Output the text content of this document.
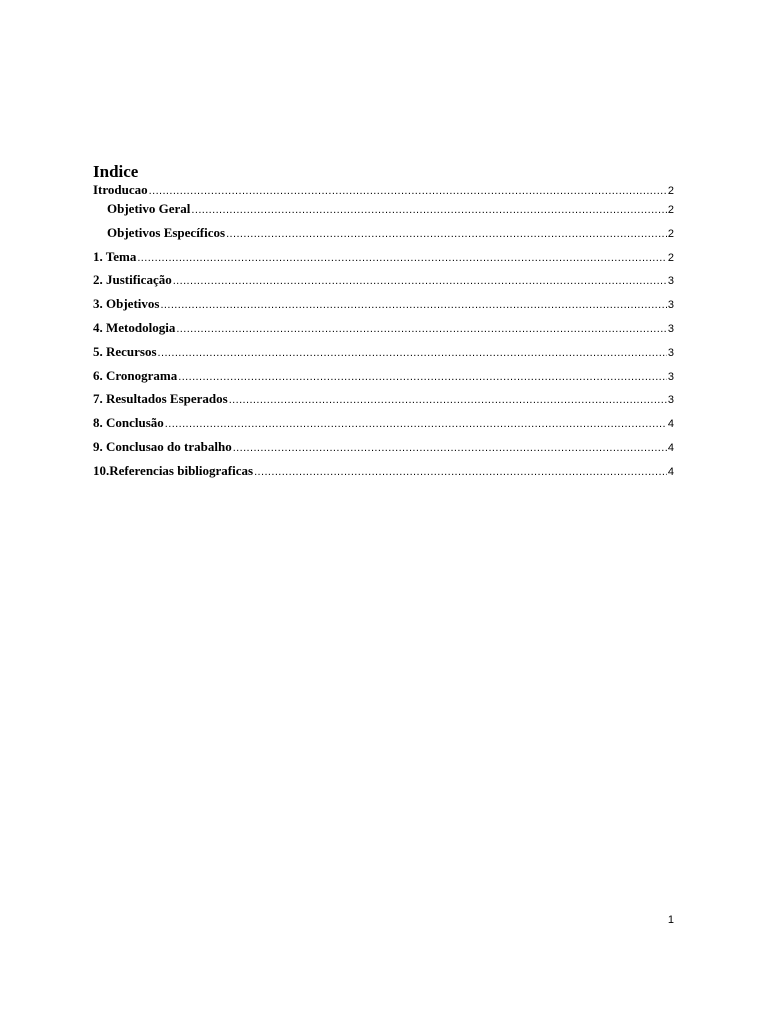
Indice
Itroducao .....	2
Objetivo Geral .....	2
Objetivos Específicos .....	2
1. Tema .....	2
2. Justificação .....	3
3. Objetivos .....	3
4. Metodologia .....	3
5. Recursos .....	3
6. Cronograma .....	3
7. Resultados Esperados .....	3
8. Conclusão .....	4
9. Conclusao do trabalho .....	4
10.Referencias bibliograficas .....	4
1
